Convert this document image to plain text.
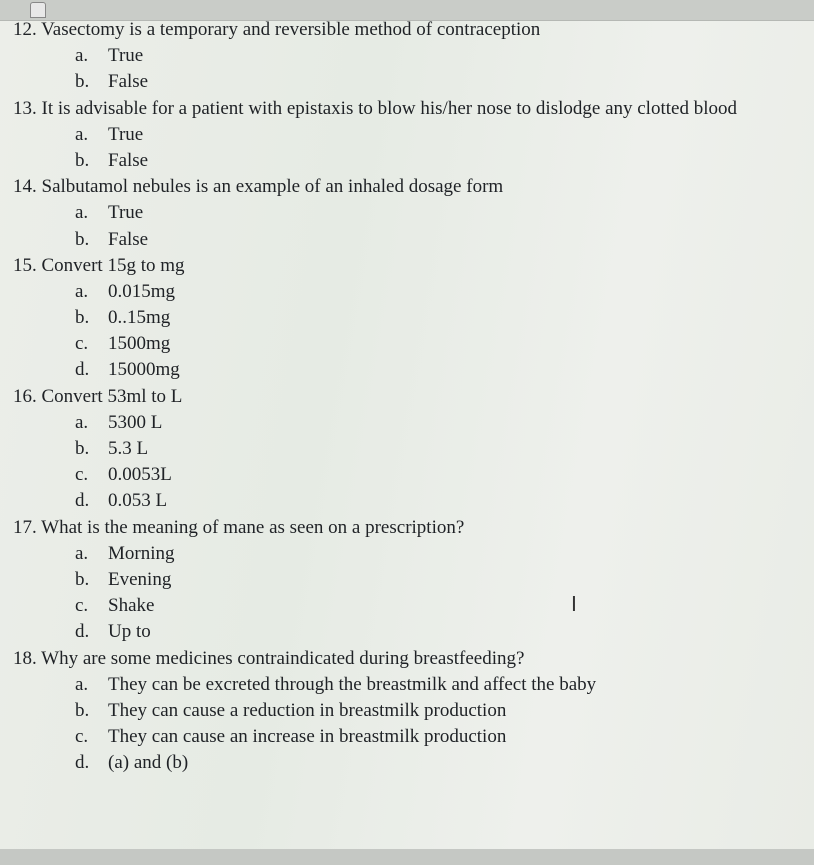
12. Vasectomy is a temporary and reversible method of contraception
a. True
b. False
13. It is advisable for a patient with epistaxis to blow his/her nose to dislodge any clotted blood
a. True
b. False
14. Salbutamol nebules is an example of an inhaled dosage form
a. True
b. False
15. Convert 15g to mg
a. 0.015mg
b. 0..15mg
c. 1500mg
d. 15000mg
16. Convert 53ml to L
a. 5300 L
b. 5.3 L
c. 0.0053L
d. 0.053 L
17. What is the meaning of mane as seen on a prescription?
a. Morning
b. Evening
c. Shake
d. Up to
18. Why are some medicines contraindicated during breastfeeding?
a. They can be excreted through the breastmilk and affect the baby
b. They can cause a reduction in breastmilk production
c. They can cause an increase in breastmilk production
d. (a) and (b)
I
